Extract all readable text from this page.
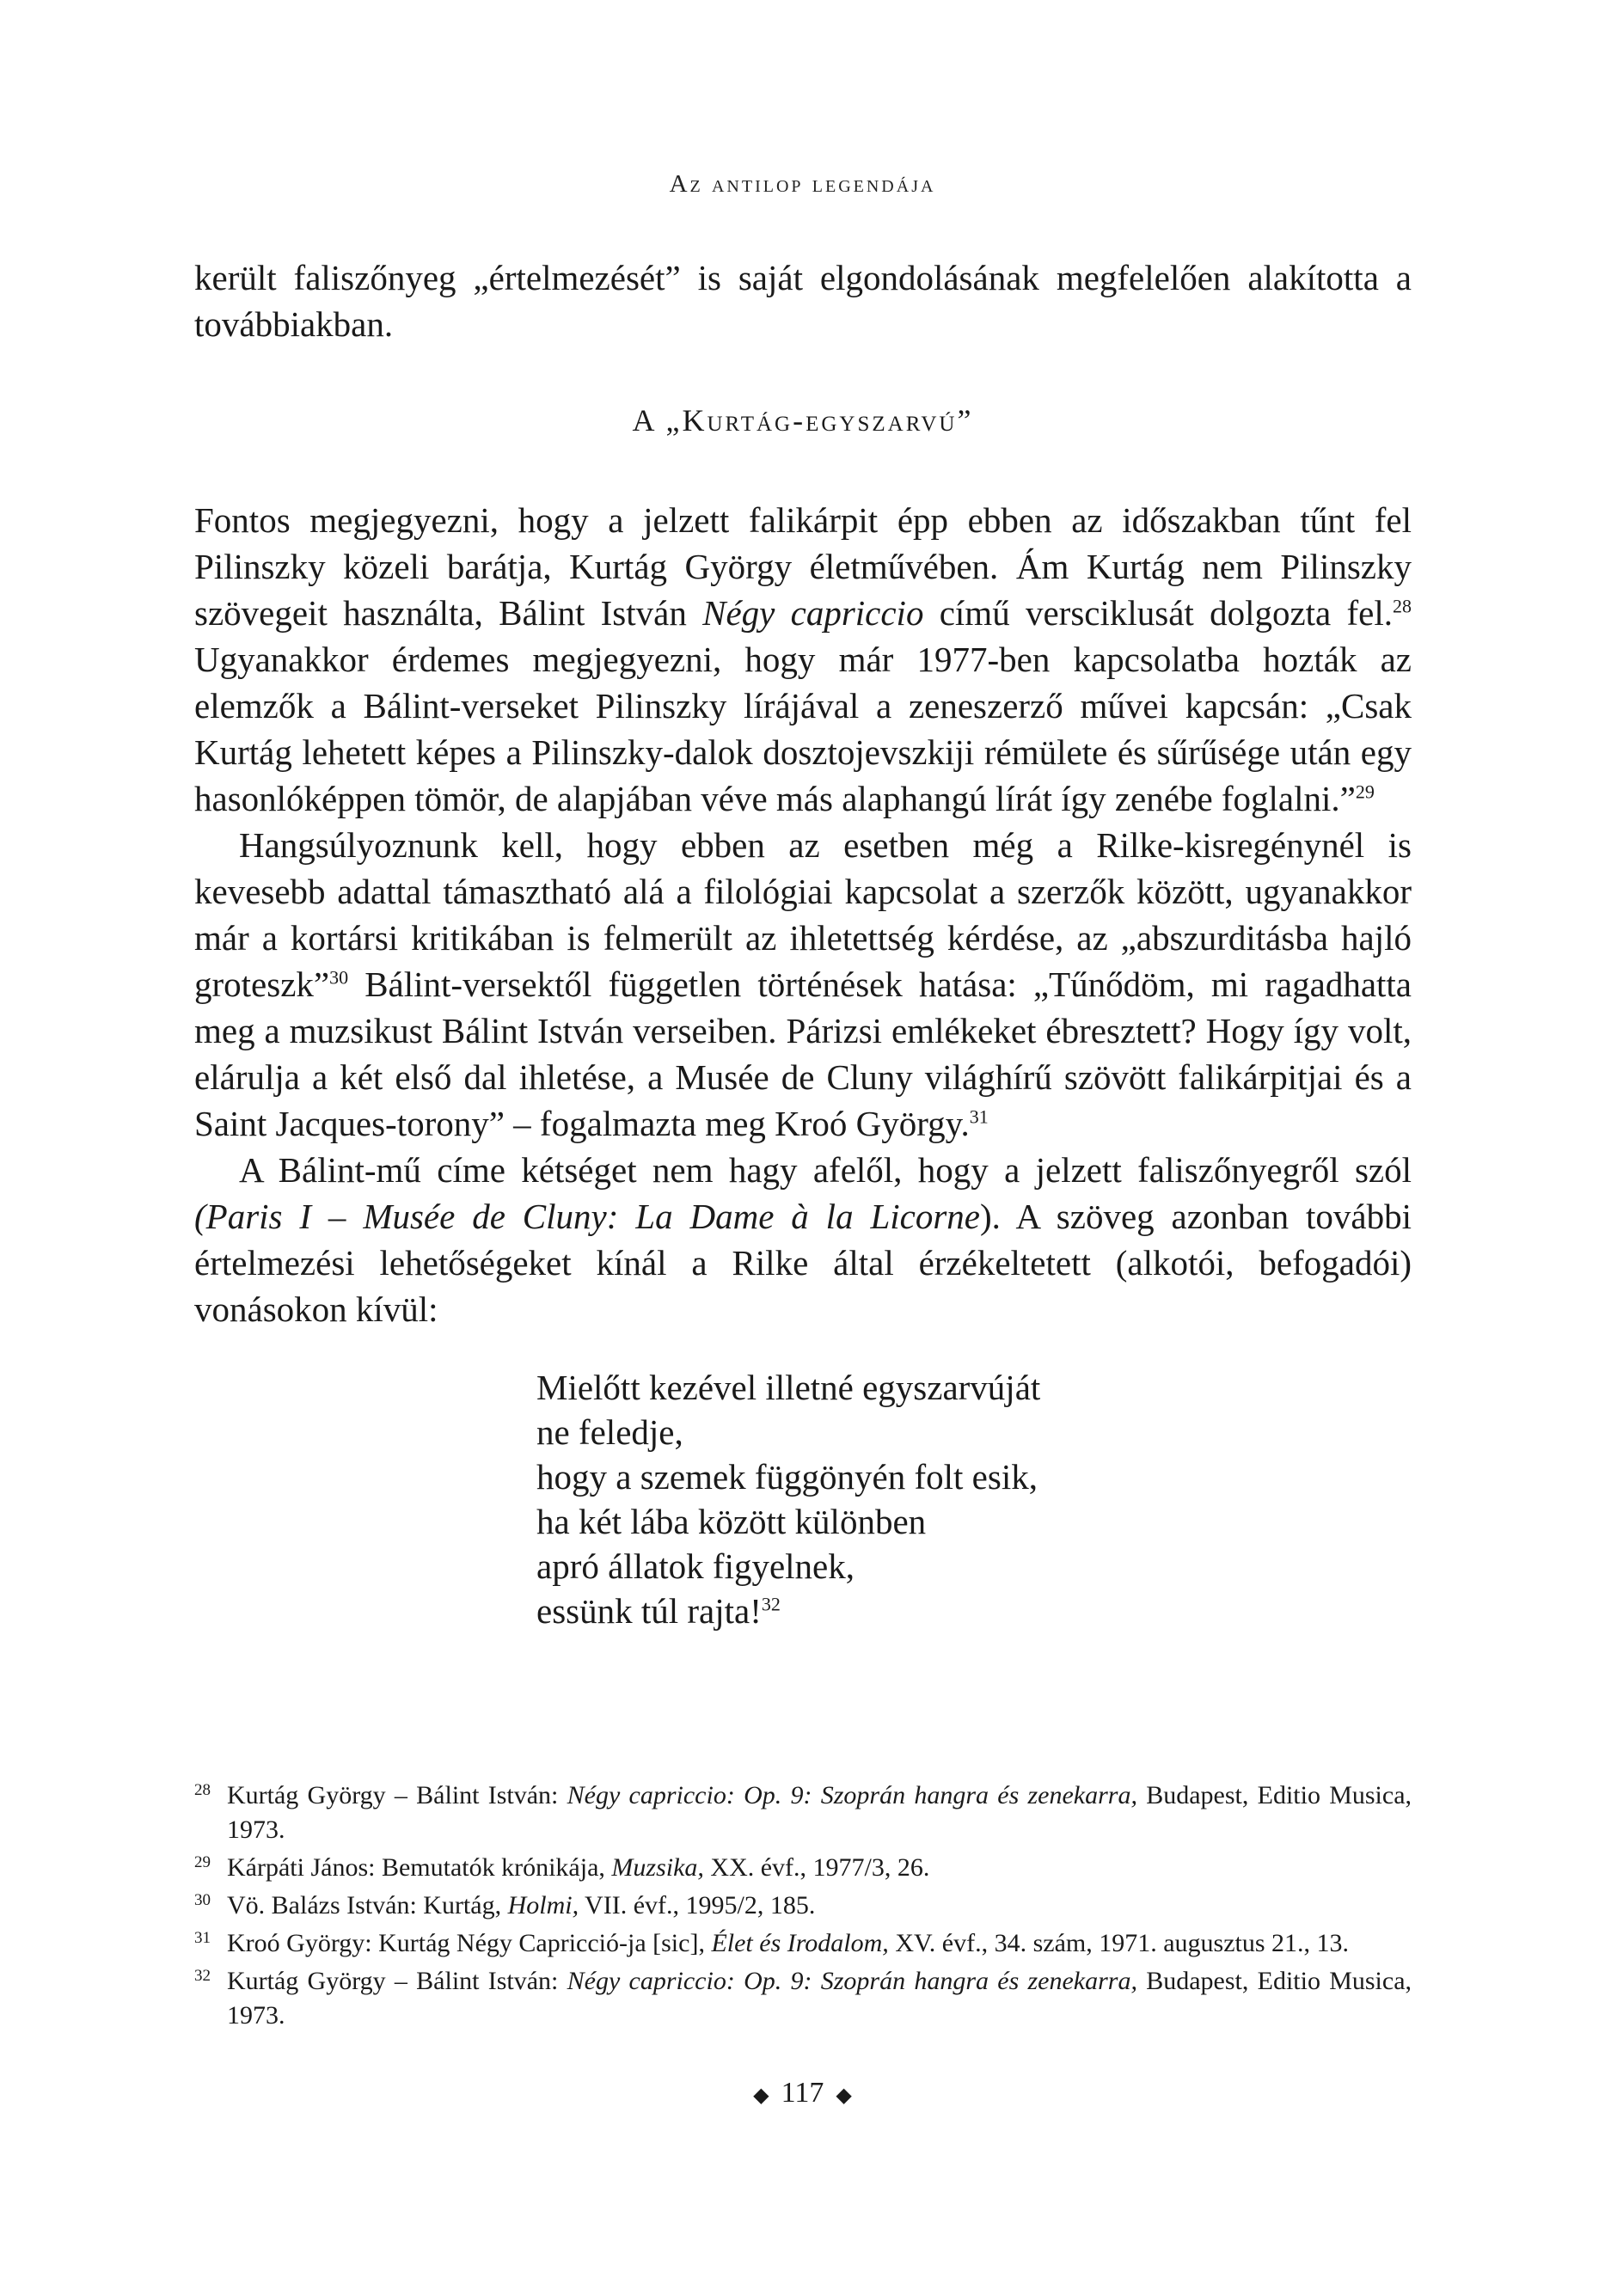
Az antilop legendája

került faliszőnyeg „értelmezését” is saját elgondolásának megfelelően alakította a továbbiakban.

A „Kurtág-egyszarvú”

Fontos megjegyezni, hogy a jelzett falikárpit épp ebben az időszakban tűnt fel Pilinszky közeli barátja, Kurtág György életművében. Ám Kurtág nem Pilinszky szövegeit használta, Bálint István Négy capriccio című versciklusát dolgozta fel.$^{28}$ Ugyanakkor érdemes megjegyezni, hogy már 1977-ben kapcsolatba hozták az elemzők a Bálint-verseket Pilinszky lírájával a zeneszerző művei kapcsán: „Csak Kurtág lehetett képes a Pilinszky-dalok dosztojevszkiji rémülete és sűrűsége után egy hasonlóképpen tömör, de alapjában véve más alaphangú lírát így zenébe foglalni.”$^{29}$

Hangsúlyoznunk kell, hogy ebben az esetben még a Rilke-kisregénynél is kevesebb adattal támasztható alá a filológiai kapcsolat a szerzők között, ugyanakkor már a kortársi kritikában is felmerült az ihletettség kérdése, az „abszurditásba hajló groteszk”$^{30}$ Bálint-versektől független történések hatása: „Tűnődöm, mi ragadhatta meg a muzsikust Bálint István verseiben. Párizsi emlékeket ébresztett? Hogy így volt, elárulja a két első dal ihletése, a Musée de Cluny világhírű szövött falikárpitjai és a Saint Jacques-torony” – fogalmazta meg Kroó György.$^{31}$

A Bálint-mű címe kétséget nem hagy afelől, hogy a jelzett faliszőnyegről szól (Paris I – Musée de Cluny: La Dame à la Licorne). A szöveg azonban további értelmezési lehetőségeket kínál a Rilke által érzékeltetett (alkotói, befogadói) vonásokon kívül:

Mielőtt kezével illetné egyszarvúját
ne feledje,
hogy a szemek függönyén folt esik,
ha két lába között különben
apró állatok figyelnek,
essünk túl rajta!$^{32}$
28 Kurtág György – Bálint István: Négy capriccio: Op. 9: Szoprán hangra és zenekarra, Budapest, Editio Musica, 1973.
29 Kárpáti János: Bemutatók krónikája, Muzsika, XX. évf., 1977/3, 26.
30 Vö. Balázs István: Kurtág, Holmi, VII. évf., 1995/2, 185.
31 Kroó György: Kurtág Négy Capricció-ja [sic], Élet és Irodalom, XV. évf., 34. szám, 1971. augusztus 21., 13.
32 Kurtág György – Bálint István: Négy capriccio: Op. 9: Szoprán hangra és zenekarra, Budapest, Editio Musica, 1973.
◆ 117 ◆
